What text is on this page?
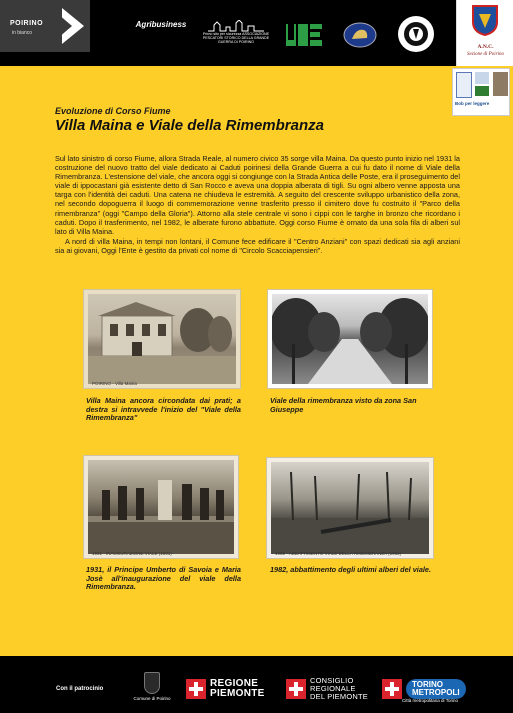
POIRINO
in bianco
Agribusiness
Primo sito per sicurezza ASSOCIAZIONE PESCATORI STORICO DELLA GRANDE GUERRA DI POIRINO
A.N.C.
Sezione di Poirino
Bob per leggere
Evoluzione di Corso Fiume
Villa Maina e Viale della Rimembranza

Sul lato sinistro di corso Fiume, allora Strada Reale, al numero civico 35 sorge villa Maina. Da questo punto inizio nel 1931 la costruzione del nuovo tratto del viale dedicato ai Caduti poirinesi della Grande Guerra a cui fu dato il nome di Viale della Rimembranza. L'estensione del viale, che ancora oggi si congiunge con la Strada Antica delle Poste, era il proseguimento del viale di ippocastani già esistente detto di San Rocco e aveva una doppia alberata di tigli. Su ogni albero venne apposta una targa con l'identità dei caduti. Una catena ne chiudeva le estremità. A seguito del crescente sviluppo urbanistico della zona, nel secondo dopoguerra il luogo di commemorazione venne trasferito presso il cimitero dove fu costruito il "Parco della rimembranza" (oggi "Campo della Gloria"). Attorno alla stele centrale vi sono i cippi con le targhe in bronzo che ricordano i caduti. Dopo il trasferimento, nel 1982, le alberate furono abbattute. Oggi corso Fiume è ornato da una sola fila di alberi sul lato di Villa Maina.

A nord di villa Maina, in tempi non lontani, il Comune fece edificare il "Centro Anziani" con spazi dedicati sia agli anziani sia ai giovani, Oggi l'Ente è gestito da privati col nome di "Circolo Scacciapensieri".

POIRINO - Villa Maina
1931 - INAUGURAZIONE VIALE (1931)	1982 - ABBATTIMENTO VIALE DELLA RIMEMBRANZA (1982)
Villa Maina ancora circondata dai prati; a destra si intravvede l'inizio del "Viale della Rimembranza"
Viale della rimembranza visto da zona San Giuseppe
1931, il Principe Umberto di Savoia e Maria Josè all'inaugurazione del viale della Rimembranza.
1982, abbattimento degli ultimi alberi del viale.
Con il patrocinio
Comune di Poirino
REGIONE
PIEMONTE
CONSIGLIO
REGIONALE
DEL PIEMONTE
TORINO
METROPOLI
Città metropolitana di Torino
